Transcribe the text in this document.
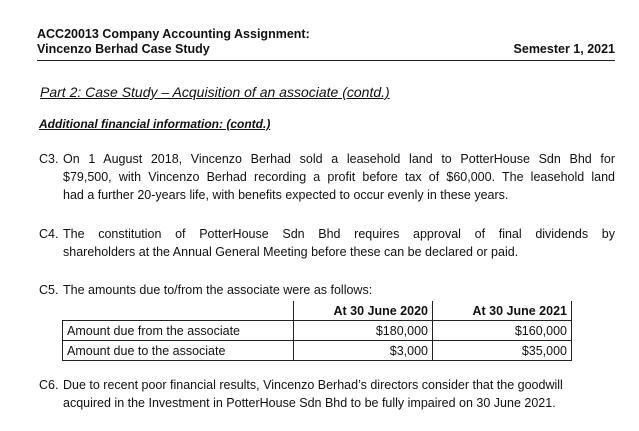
ACC20013 Company Accounting Assignment:
Vincenzo Berhad Case Study	Semester 1, 2021
Part 2: Case Study – Acquisition of an associate (contd.)
Additional financial information: (contd.)
C3. On 1 August 2018, Vincenzo Berhad sold a leasehold land to PotterHouse Sdn Bhd for
$79,500, with Vincenzo Berhad recording a profit before tax of $60,000. The leasehold land
had a further 20-years life, with benefits expected to occur evenly in these years.
C4. The constitution of PotterHouse Sdn Bhd requires approval of final dividends by
shareholders at the Annual General Meeting before these can be declared or paid.
C5. The amounts due to/from the associate were as follows:
	At 30 June 2020	At 30 June 2021
Amount due from the associate	$180,000	$160,000
Amount due to the associate	$3,000	$35,000
C6. Due to recent poor financial results, Vincenzo Berhad’s directors consider that the goodwill
acquired in the Investment in PotterHouse Sdn Bhd to be fully impaired on 30 June 2021.
